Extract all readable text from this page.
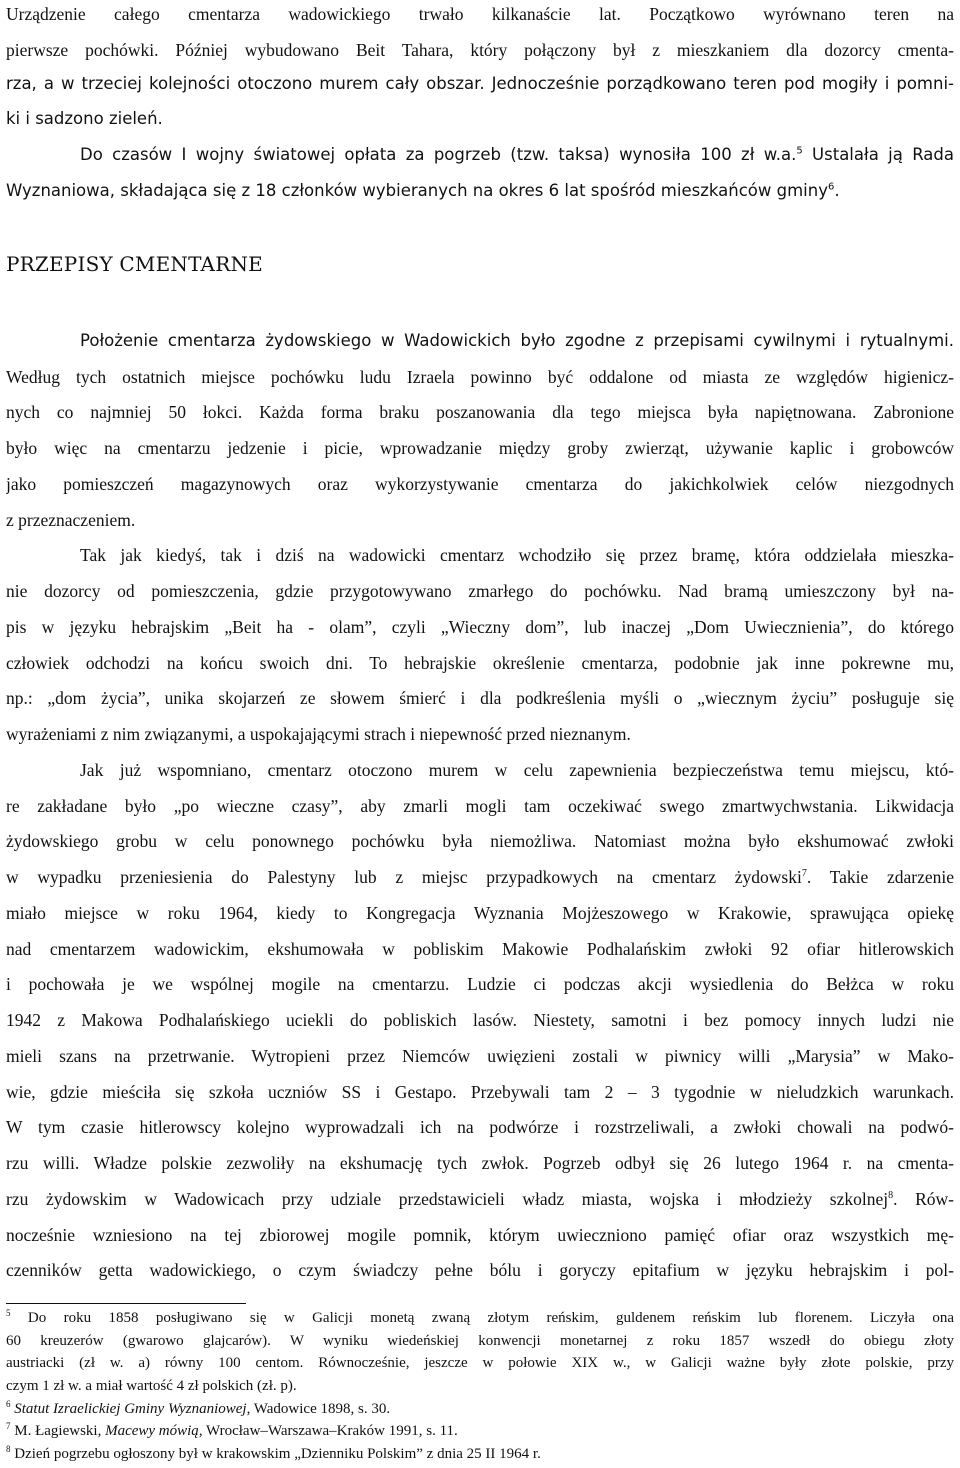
Urządzenie całego cmentarza wadowickiego trwało kilkanaście lat. Początkowo wyrównano teren na
pierwsze pochówki. Później wybudowano Beit Tahara, który połączony był z mieszkaniem dla dozorcy cmenta-
rza, a w trzeciej kolejności otoczono murem cały obszar. Jednocześnie porządkowano teren pod mogiły i pomni-
ki i sadzono zieleń.
Do czasów I wojny światowej opłata za pogrzeb (tzw. taksa) wynosiła 100 zł w.a.$^5$ Ustalała ją Rada
Wyznaniowa, składająca się z 18 członków wybieranych na okres 6 lat spośród mieszkańców gminy$^6$.
PRZEPISY CMENTARNE
Położenie cmentarza żydowskiego w Wadowickich było zgodne z przepisami cywilnymi i rytualnymi.
Według tych ostatnich miejsce pochówku ludu Izraela powinno być oddalone od miasta ze względów higienicz-
nych co najmniej 50 łokci. Każda forma braku poszanowania dla tego miejsca była napiętnowana. Zabronione
było więc na cmentarzu jedzenie i picie, wprowadzanie między groby zwierząt, używanie kaplic i grobowców
jako pomieszczeń magazynowych oraz wykorzystywanie cmentarza do jakichkolwiek celów niezgodnych
z przeznaczeniem.
Tak jak kiedyś, tak i dziś na wadowicki cmentarz wchodziło się przez bramę, która oddzielała mieszka-
nie dozorcy od pomieszczenia, gdzie przygotowywano zmarłego do pochówku. Nad bramą umieszczony był na-
pis w języku hebrajskim „Beit ha - olam”, czyli „Wieczny dom”, lub inaczej „Dom Uwiecznienia”, do którego
człowiek odchodzi na końcu swoich dni. To hebrajskie określenie cmentarza, podobnie jak inne pokrewne mu,
np.: „dom życia”, unika skojarzeń ze słowem śmierć i dla podkreślenia myśli o „wiecznym życiu” posługuje się
wyrażeniami z nim związanymi, a uspokajającymi strach i niepewność przed nieznanym.
Jak już wspomniano, cmentarz otoczono murem w celu zapewnienia bezpieczeństwa temu miejscu, któ-
re zakładane było „po wieczne czasy”, aby zmarli mogli tam oczekiwać swego zmartwychwstania. Likwidacja
żydowskiego grobu w celu ponownego pochówku była niemożliwa. Natomiast można było ekshumować zwłoki
w wypadku przeniesienia do Palestyny lub z miejsc przypadkowych na cmentarz żydowski$^7$. Takie zdarzenie
miało miejsce w roku 1964, kiedy to Kongregacja Wyznania Mojżeszowego w Krakowie, sprawująca opiekę
nad cmentarzem wadowickim, ekshumowała w pobliskim Makowie Podhalańskim zwłoki 92 ofiar hitlerowskich
i pochowała je we wspólnej mogile na cmentarzu. Ludzie ci podczas akcji wysiedlenia do Bełżca w roku
1942 z Makowa Podhalańskiego uciekli do pobliskich lasów. Niestety, samotni i bez pomocy innych ludzi nie
mieli szans na przetrwanie. Wytropieni przez Niemców uwięzieni zostali w piwnicy willi „Marysia” w Mako-
wie, gdzie mieściła się szkoła uczniów SS i Gestapo. Przebywali tam 2 – 3 tygodnie w nieludzkich warunkach.
W tym czasie hitlerowscy kolejno wyprowadzali ich na podwórze i rozstrzeliwali, a zwłoki chowali na podwó-
rzu willi. Władze polskie zezwoliły na ekshumację tych zwłok. Pogrzeb odbył się 26 lutego 1964 r. na cmenta-
rzu żydowskim w Wadowicach przy udziale przedstawicieli władz miasta, wojska i młodzieży szkolnej$^8$. Rów-
nocześnie wzniesiono na tej zbiorowej mogile pomnik, którym uwieczniono pamięć ofiar oraz wszystkich mę-
czenników getta wadowickiego, o czym świadczy pełne bólu i goryczy epitafium w języku hebrajskim i pol-
$^5$ Do roku 1858 posługiwano się w Galicji monetą zwaną złotym reńskim, guldenem reńskim lub florenem. Liczyła ona
60 kreuzerów (gwarowo glajcarów). W wyniku wiedeńskiej konwencji monetarnej z roku 1857 wszedł do obiegu złoty
austriacki (zł w. a) równy 100 centom. Równocześnie, jeszcze w połowie XIX w., w Galicji ważne były złote polskie, przy
czym 1 zł w. a miał wartość 4 zł polskich (zł. p).
$^6$ Statut Izraelickiej Gminy Wyznaniowej, Wadowice 1898, s. 30.
$^7$ M. Łagiewski, Macewy mówią, Wrocław–Warszawa–Kraków 1991, s. 11.
$^8$ Dzień pogrzebu ogłoszony był w krakowskim „Dzienniku Polskim” z dnia 25 II 1964 r.
